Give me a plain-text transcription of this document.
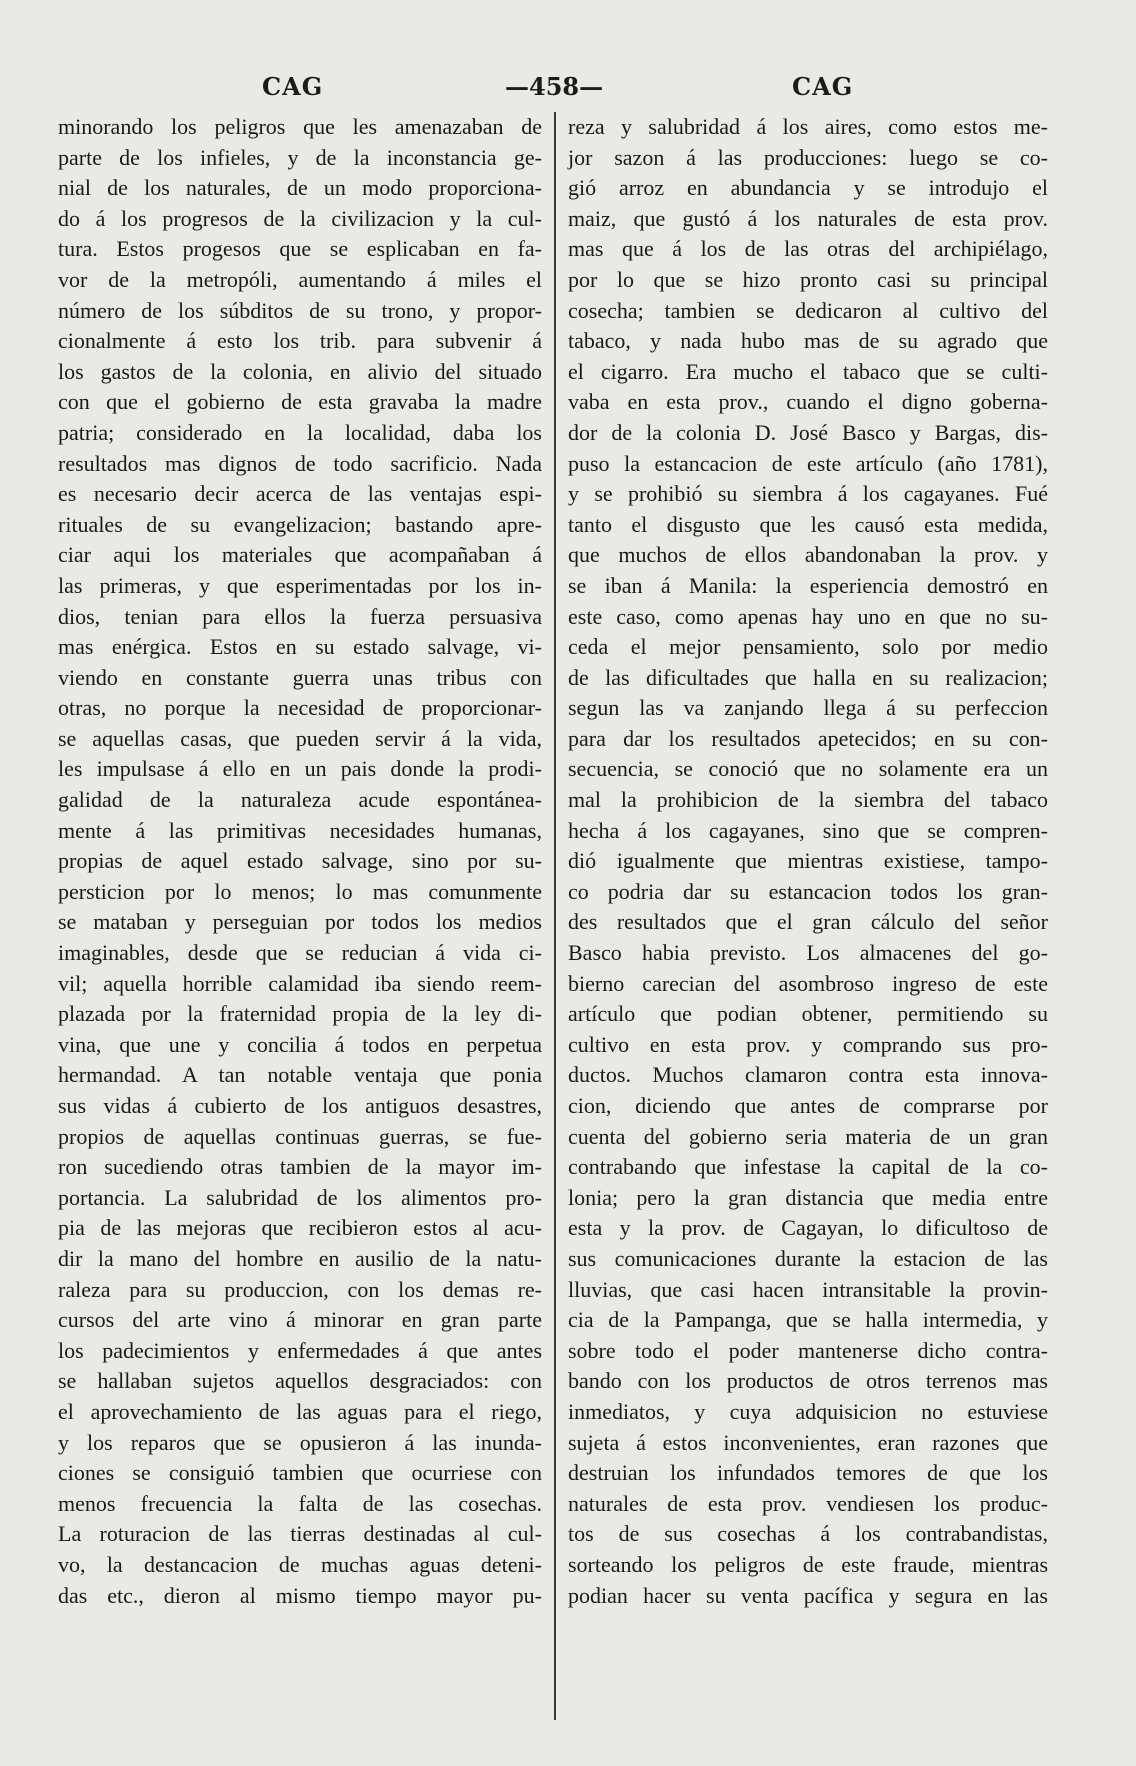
CAG	—458—	CAG
minorando los peligros que les amenazaban de
parte de los infieles, y de la inconstancia ge-
nial de los naturales, de un modo proporciona-
do á los progresos de la civilizacion y la cul-
tura. Estos progesos que se esplicaban en fa-
vor de la metropóli, aumentando á miles el
número de los súbditos de su trono, y propor-
cionalmente á esto los trib. para subvenir á
los gastos de la colonia, en alivio del situado
con que el gobierno de esta gravaba la madre
patria; considerado en la localidad, daba los
resultados mas dignos de todo sacrificio. Nada
es necesario decir acerca de las ventajas espi-
rituales de su evangelizacion; bastando apre-
ciar aqui los materiales que acompañaban á
las primeras, y que esperimentadas por los in-
dios, tenian para ellos la fuerza persuasiva
mas enérgica. Estos en su estado salvage, vi-
viendo en constante guerra unas tribus con
otras, no porque la necesidad de proporcionar-
se aquellas casas, que pueden servir á la vida,
les impulsase á ello en un pais donde la prodi-
galidad de la naturaleza acude espontánea-
mente á las primitivas necesidades humanas,
propias de aquel estado salvage, sino por su-
persticion por lo menos; lo mas comunmente
se mataban y perseguian por todos los medios
imaginables, desde que se reducian á vida ci-
vil; aquella horrible calamidad iba siendo reem-
plazada por la fraternidad propia de la ley di-
vina, que une y concilia á todos en perpetua
hermandad. A tan notable ventaja que ponia
sus vidas á cubierto de los antiguos desastres,
propios de aquellas continuas guerras, se fue-
ron sucediendo otras tambien de la mayor im-
portancia. La salubridad de los alimentos pro-
pia de las mejoras que recibieron estos al acu-
dir la mano del hombre en ausilio de la natu-
raleza para su produccion, con los demas re-
cursos del arte vino á minorar en gran parte
los padecimientos y enfermedades á que antes
se hallaban sujetos aquellos desgraciados: con
el aprovechamiento de las aguas para el riego,
y los reparos que se opusieron á las inunda-
ciones se consiguió tambien que ocurriese con
menos frecuencia la falta de las cosechas.
La roturacion de las tierras destinadas al cul-
vo, la destancacion de muchas aguas deteni-
das etc., dieron al mismo tiempo mayor pu-
reza y salubridad á los aires, como estos me-
jor sazon á las producciones: luego se co-
gió arroz en abundancia y se introdujo el
maiz, que gustó á los naturales de esta prov.
mas que á los de las otras del archipiélago,
por lo que se hizo pronto casi su principal
cosecha; tambien se dedicaron al cultivo del
tabaco, y nada hubo mas de su agrado que
el cigarro. Era mucho el tabaco que se culti-
vaba en esta prov., cuando el digno goberna-
dor de la colonia D. José Basco y Bargas, dis-
puso la estancacion de este artículo (año 1781),
y se prohibió su siembra á los cagayanes. Fué
tanto el disgusto que les causó esta medida,
que muchos de ellos abandonaban la prov. y
se iban á Manila: la esperiencia demostró en
este caso, como apenas hay uno en que no su-
ceda el mejor pensamiento, solo por medio
de las dificultades que halla en su realizacion;
segun las va zanjando llega á su perfeccion
para dar los resultados apetecidos; en su con-
secuencia, se conoció que no solamente era un
mal la prohibicion de la siembra del tabaco
hecha á los cagayanes, sino que se compren-
dió igualmente que mientras existiese, tampo-
co podria dar su estancacion todos los gran-
des resultados que el gran cálculo del señor
Basco habia previsto. Los almacenes del go-
bierno carecian del asombroso ingreso de este
artículo que podian obtener, permitiendo su
cultivo en esta prov. y comprando sus pro-
ductos. Muchos clamaron contra esta innova-
cion, diciendo que antes de comprarse por
cuenta del gobierno seria materia de un gran
contrabando que infestase la capital de la co-
lonia; pero la gran distancia que media entre
esta y la prov. de Cagayan, lo dificultoso de
sus comunicaciones durante la estacion de las
lluvias, que casi hacen intransitable la provin-
cia de la Pampanga, que se halla intermedia, y
sobre todo el poder mantenerse dicho contra-
bando con los productos de otros terrenos mas
inmediatos, y cuya adquisicion no estuviese
sujeta á estos inconvenientes, eran razones que
destruian los infundados temores de que los
naturales de esta prov. vendiesen los produc-
tos de sus cosechas á los contrabandistas,
sorteando los peligros de este fraude, mientras
podian hacer su venta pacífica y segura en las
